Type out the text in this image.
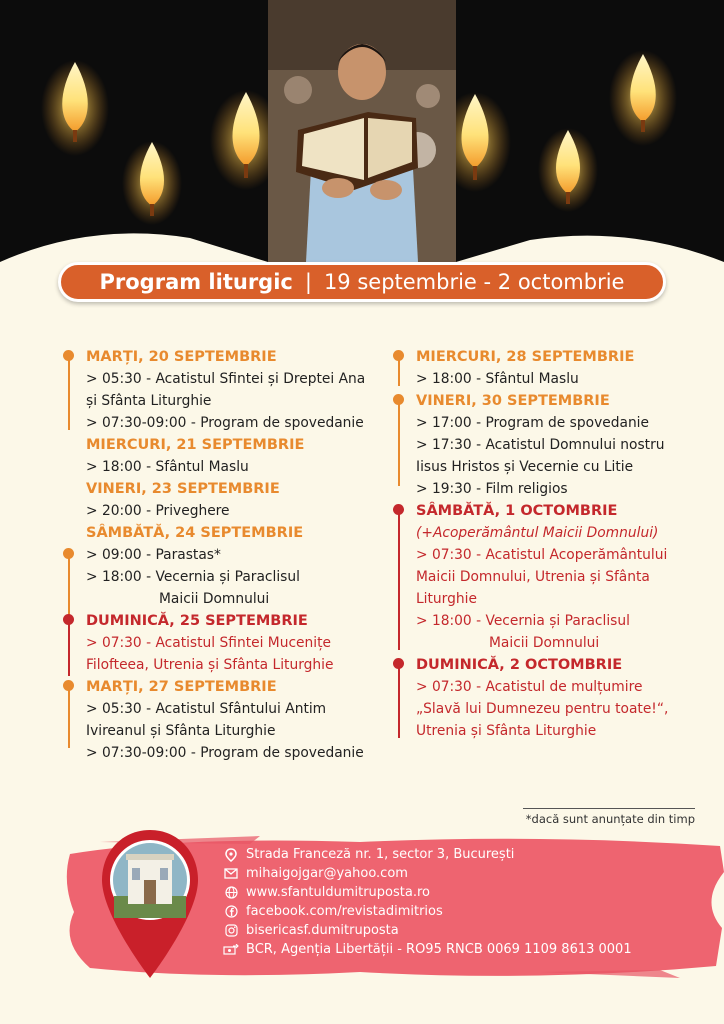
Program liturgic | 19 septembrie - 2 octombrie
MARȚI, 20 SEPTEMBRIE
> 05:30 - Acatistul Sfintei și Dreptei Ana
și Sfânta Liturghie
> 07:30-09:00 - Program de spovedanie
MIERCURI, 21 SEPTEMBRIE
> 18:00 - Sfântul Maslu
VINERI, 23 SEPTEMBRIE
> 20:00 - Priveghere
SÂMBĂTĂ, 24 SEPTEMBRIE
> 09:00 - Parastas*
> 18:00 - Vecernia și Paraclisul
Maicii Domnului
DUMINICĂ, 25 SEPTEMBRIE
> 07:30 - Acatistul Sfintei Mucenițe
Filofteea, Utrenia și Sfânta Liturghie
MARȚI, 27 SEPTEMBRIE
> 05:30 - Acatistul Sfântului Antim
Ivireanul și Sfânta Liturghie
> 07:30-09:00 - Program de spovedanie
MIERCURI, 28 SEPTEMBRIE
> 18:00 - Sfântul Maslu
VINERI, 30 SEPTEMBRIE
> 17:00 - Program de spovedanie
> 17:30 - Acatistul Domnului nostru
Iisus Hristos și Vecernie cu Litie
> 19:30 - Film religios
SÂMBĂTĂ, 1 OCTOMBRIE
(+Acoperământul Maicii Domnului)
> 07:30 - Acatistul Acoperământului
Maicii Domnului, Utrenia și Sfânta
Liturghie
> 18:00 - Vecernia și Paraclisul
Maicii Domnului
DUMINICĂ, 2 OCTOMBRIE
> 07:30 - Acatistul de mulțumire
„Slavă lui Dumnezeu pentru toate!“,
Utrenia și Sfânta Liturghie
*dacă sunt anunțate din timp
Strada Franceză nr. 1, sector 3, București
mihaigojgar@yahoo.com
www.sfantuldumitruposta.ro
facebook.com/revistadimitrios
bisericasf.dumitruposta
BCR, Agenția Libertății - RO95 RNCB 0069 1109 8613 0001
